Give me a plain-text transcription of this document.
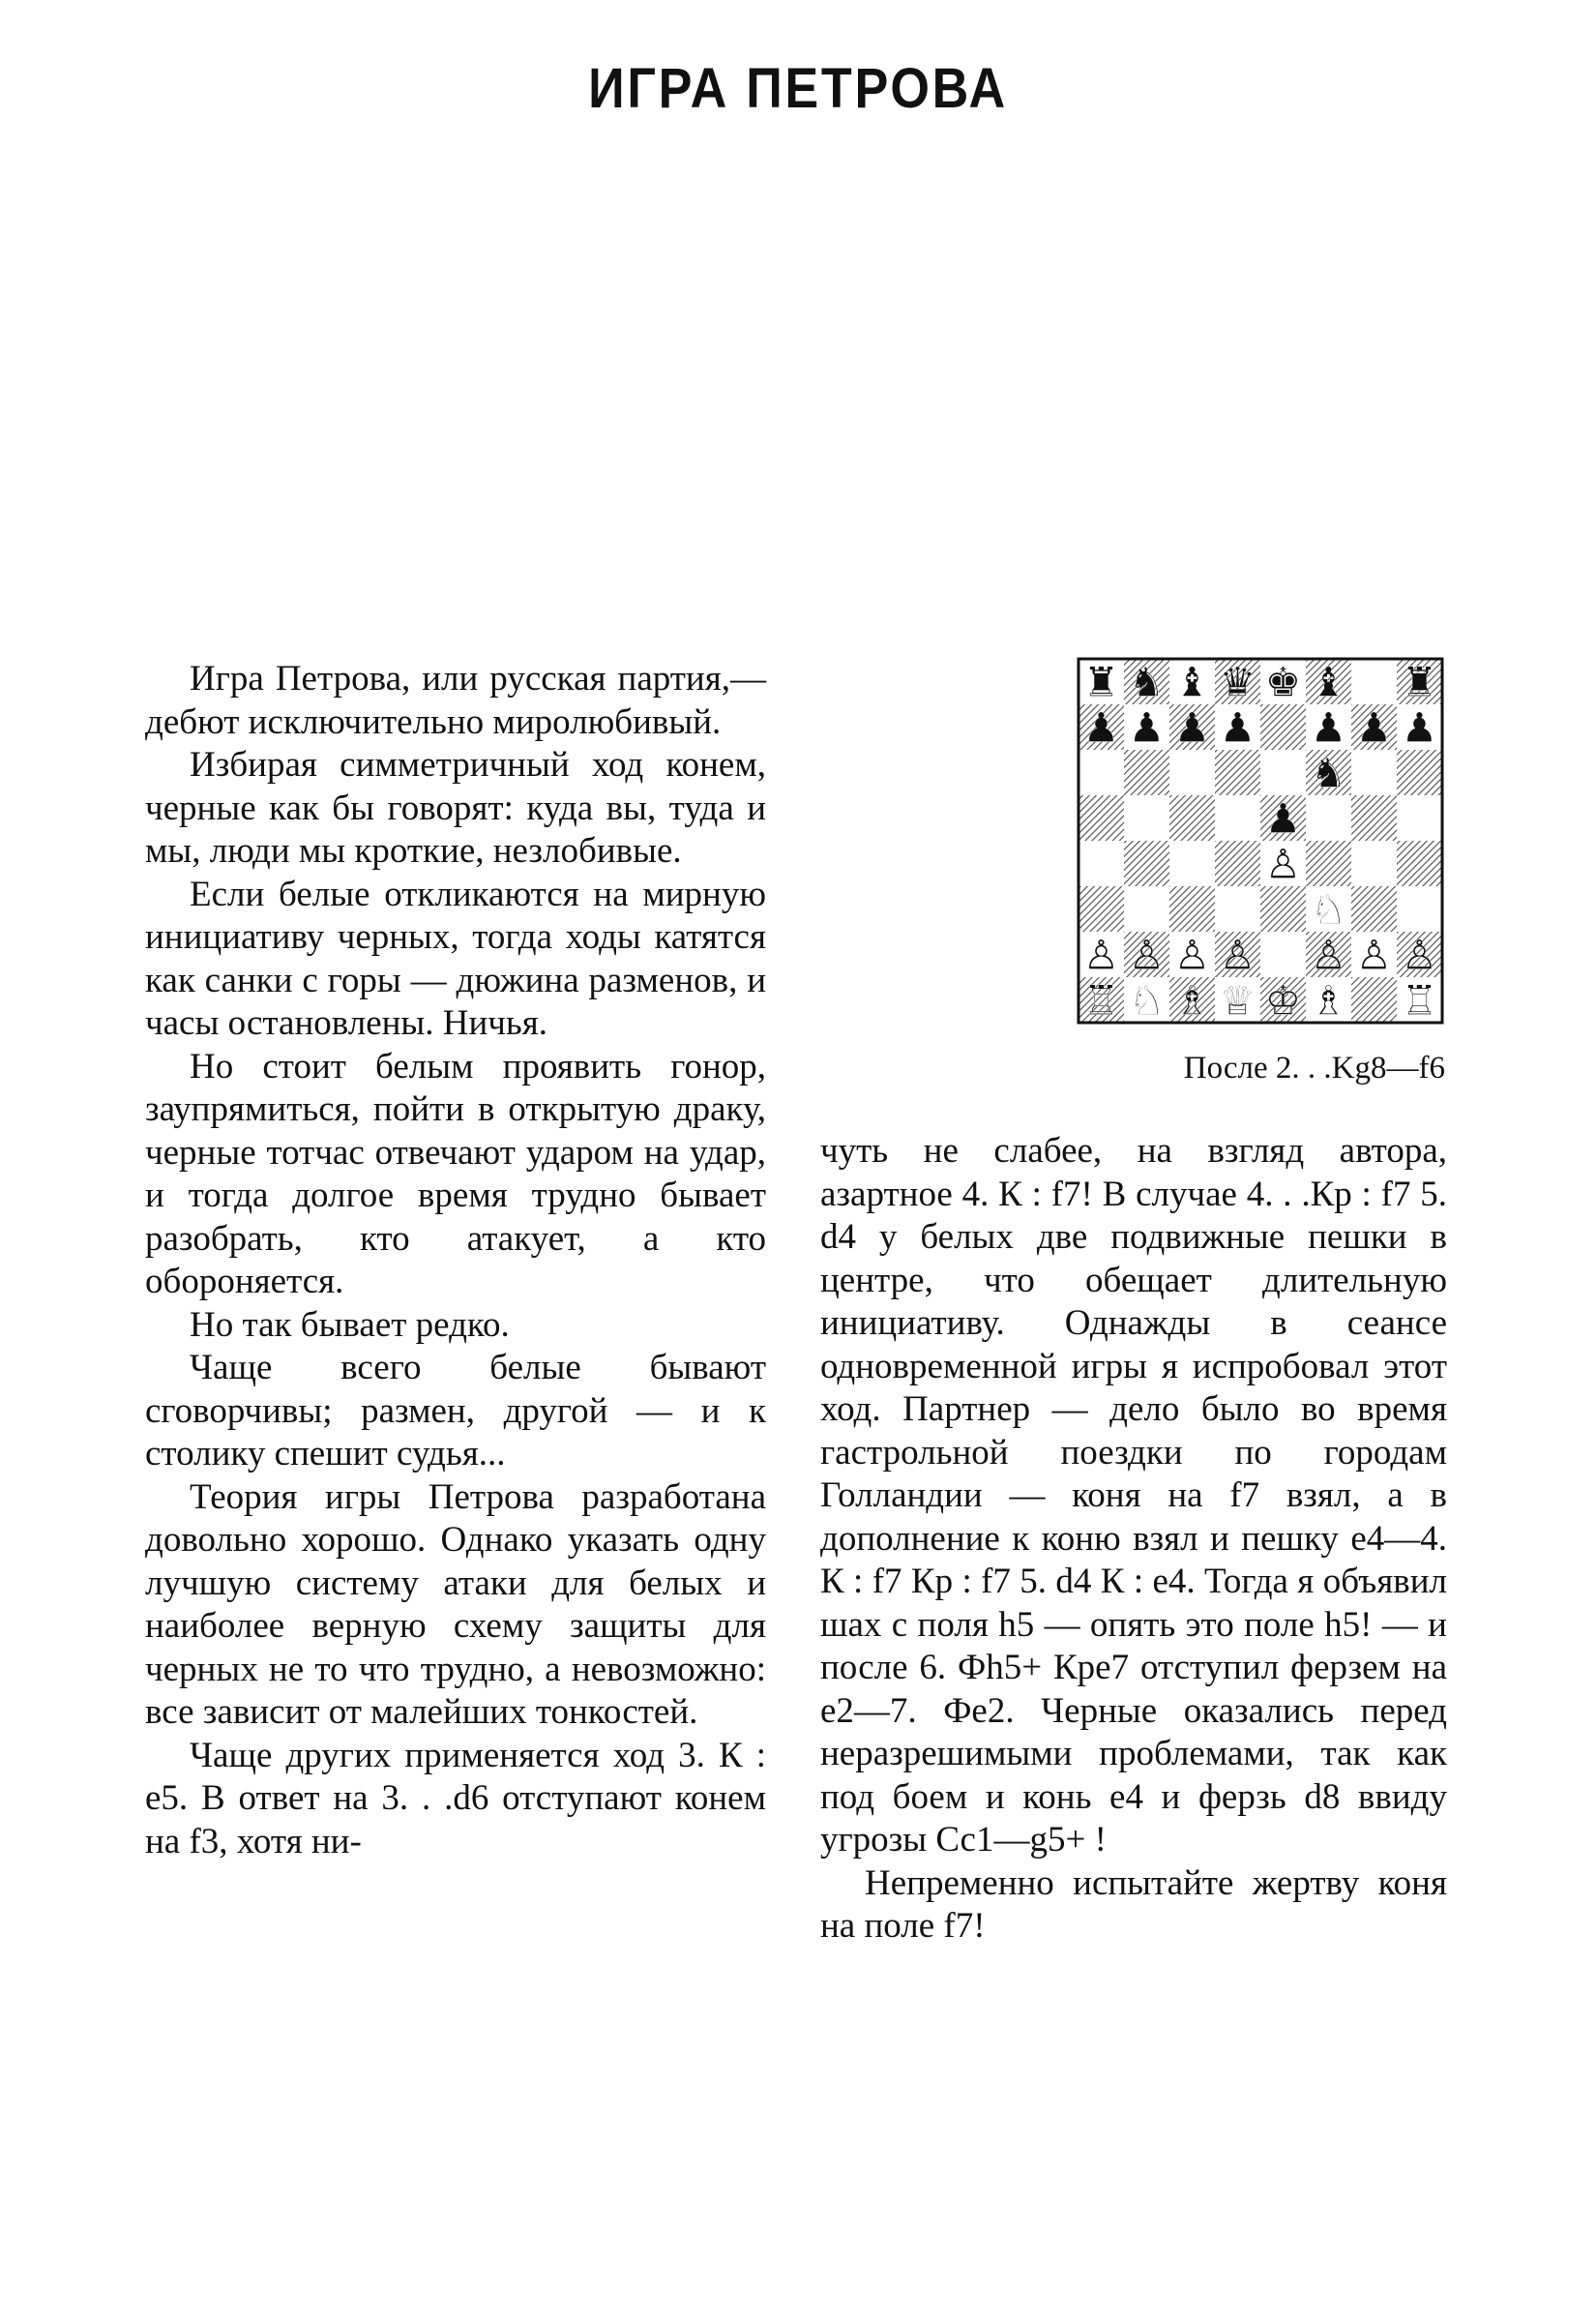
ИГРА ПЕТРОВА

Игра Петрова, или русская партия,— дебют исключительно миролюбивый.

Избирая симметричный ход конем, черные как бы говорят: куда вы, туда и мы, люди мы кроткие, незлобивые.

Если белые откликаются на мирную инициативу черных, тогда ходы катятся как санки с горы — дюжина разменов, и часы остановлены. Ничья.

Но стоит белым проявить гонор, заупрямиться, пойти в открытую драку, черные тотчас отвечают ударом на удар, и тогда долгое время трудно бывает разобрать, кто атакует, а кто обороняется.

Но так бывает редко.

Чаще всего белые бывают сговорчивы; размен, другой — и к столику спешит судья...

Теория игры Петрова разработана довольно хорошо. Однако указать одну лучшую систему атаки для белых и наиболее верную схему защиты для черных не то что трудно, а невозможно: все зависит от малейших тонкостей.

Чаще других применяется ход 3. К : е5. В ответ на 3. . .d6 отступают конем на f3, хотя ни-

♜ ♞ ♝ ♛ ♚ ♝ ♜
♟ ♟ ♟ ♟ ♟ ♟ ♟
♞
♟
♙
♘
♙ ♙ ♙ ♙ ♙ ♙ ♙
♖ ♘ ♗ ♕ ♔ ♗ ♖
После 2. . .Kg8—f6

чуть не слабее, на взгляд автора, азартное 4. К : f7! В случае 4. . .Кр : f7 5. d4 у белых две подвижные пешки в центре, что обещает длительную инициативу. Однажды в сеансе одновременной игры я испробовал этот ход. Партнер — дело было во время гастрольной поездки по городам Голландии — коня на f7 взял, а в дополнение к коню взял и пешку е4—4. К : f7 Кр : f7 5. d4 К : е4. Тогда я объявил шах с поля h5 — опять это поле h5! — и после 6. Фh5+ Кре7 отступил ферзем на е2—7. Фе2. Черные оказались перед неразрешимыми проблемами, так как под боем и конь е4 и ферзь d8 ввиду угрозы Сс1—g5+ !

Непременно испытайте жертву коня на поле f7!
